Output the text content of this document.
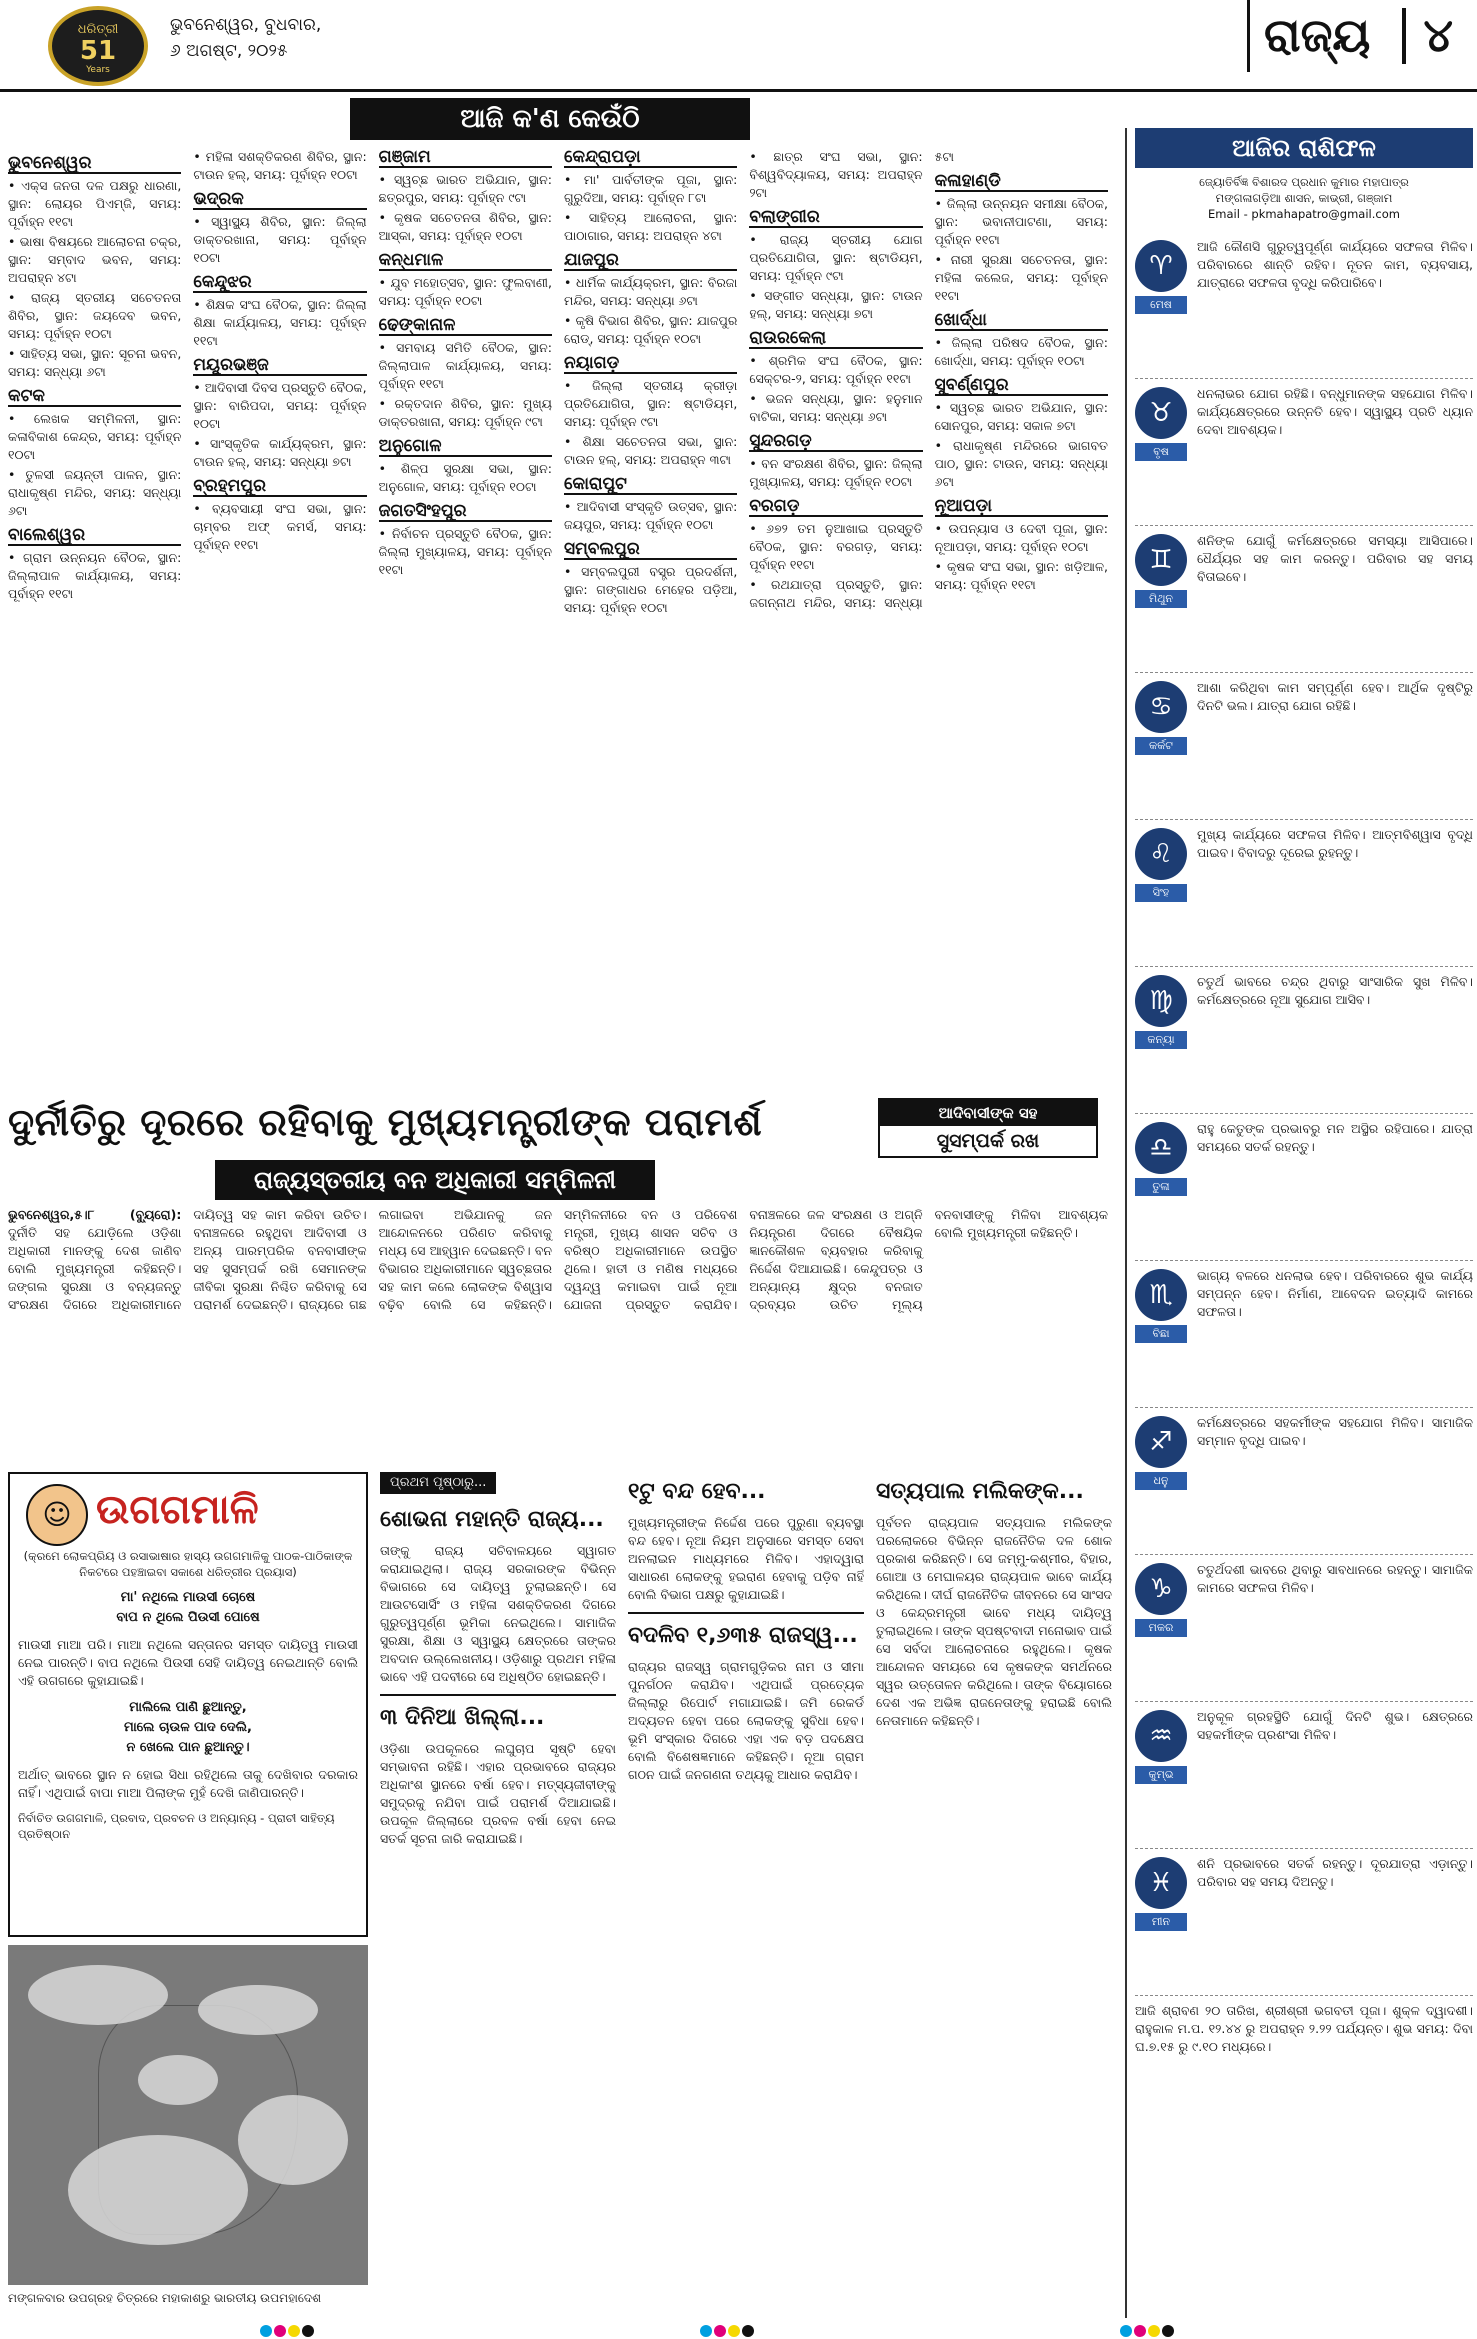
ଧରିତ୍ରୀ
51
Years
ଭୁବନେଶ୍ୱର, ବୁଧବାର,
୬ ଅଗଷ୍ଟ, ୨୦୨୫	ରାଜ୍ୟ	୪
ଆଜି କ'ଣ କେଉଁଠି
ଭୁବନେଶ୍ୱର
• ଏକ୍ସ ଜନତା ଦଳ ପକ୍ଷରୁ ଧାରଣା, ସ୍ଥାନ: ଲୋୟର ପିଏମ୍‌ଜି, ସମୟ: ପୂର୍ବାହ୍ନ ୧୧ଟା
• ଭାଷା ବିଷୟରେ ଆଲୋଚନା ଚକ୍ର, ସ୍ଥାନ: ସମ୍ବାଦ ଭବନ, ସମୟ: ଅପରାହ୍ନ ୪ଟା
• ରାଜ୍ୟ ସ୍ତରୀୟ ସଚେତନତା ଶିବିର, ସ୍ଥାନ: ଜୟଦେବ ଭବନ, ସମୟ: ପୂର୍ବାହ୍ନ ୧୦ଟା
• ସାହିତ୍ୟ ସଭା, ସ୍ଥାନ: ସୂଚନା ଭବନ, ସମୟ: ସନ୍ଧ୍ୟା ୬ଟା
କଟକ
• ଲେଖକ ସମ୍ମିଳନୀ, ସ୍ଥାନ: କଳାବିକାଶ କେନ୍ଦ୍ର, ସମୟ: ପୂର୍ବାହ୍ନ ୧୦ଟା
• ତୁଳସୀ ଜୟନ୍ତୀ ପାଳନ, ସ୍ଥାନ: ରାଧାକୃଷ୍ଣ ମନ୍ଦିର, ସମୟ: ସନ୍ଧ୍ୟା ୬ଟା
ବାଲେଶ୍ୱର
• ଗ୍ରାମ ଉନ୍ନୟନ ବୈଠକ, ସ୍ଥାନ: ଜିଲ୍ଲାପାଳ କାର୍ଯ୍ୟାଳୟ, ସମୟ: ପୂର୍ବାହ୍ନ ୧୧ଟା
• ମହିଳା ସଶକ୍ତିକରଣ ଶିବିର, ସ୍ଥାନ: ଟାଉନ ହଲ୍, ସମୟ: ପୂର୍ବାହ୍ନ ୧୦ଟା
ଭଦ୍ରକ
• ସ୍ୱାସ୍ଥ୍ୟ ଶିବିର, ସ୍ଥାନ: ଜିଲ୍ଲା ଡାକ୍ତରଖାନା, ସମୟ: ପୂର୍ବାହ୍ନ ୧୦ଟା
କେନ୍ଦୁଝର
• ଶିକ୍ଷକ ସଂଘ ବୈଠକ, ସ୍ଥାନ: ଜିଲ୍ଲା ଶିକ୍ଷା କାର୍ଯ୍ୟାଳୟ, ସମୟ: ପୂର୍ବାହ୍ନ ୧୧ଟା
ମୟୂରଭଞ୍ଜ
• ଆଦିବାସୀ ଦିବସ ପ୍ରସ୍ତୁତି ବୈଠକ, ସ୍ଥାନ: ବାରିପଦା, ସମୟ: ପୂର୍ବାହ୍ନ ୧୦ଟା
• ସାଂସ୍କୃତିକ କାର୍ଯ୍ୟକ୍ରମ, ସ୍ଥାନ: ଟାଉନ ହଲ୍, ସମୟ: ସନ୍ଧ୍ୟା ୭ଟା
ବ୍ରହ୍ମପୁର
• ବ୍ୟବସାୟୀ ସଂଘ ସଭା, ସ୍ଥାନ: ଚାମ୍ବର ଅଫ୍ କମର୍ସ, ସମୟ: ପୂର୍ବାହ୍ନ ୧୧ଟା
ଗଞ୍ଜାମ
• ସ୍ୱଚ୍ଛ ଭାରତ ଅଭିଯାନ, ସ୍ଥାନ: ଛତ୍ରପୁର, ସମୟ: ପୂର୍ବାହ୍ନ ୯ଟା
• କୃଷକ ସଚେତନତା ଶିବିର, ସ୍ଥାନ: ଆସ୍କା, ସମୟ: ପୂର୍ବାହ୍ନ ୧୦ଟା
କନ୍ଧମାଳ
• ଯୁବ ମହୋତ୍ସବ, ସ୍ଥାନ: ଫୁଲବାଣୀ, ସମୟ: ପୂର୍ବାହ୍ନ ୧୦ଟା
ଢେଙ୍କାନାଳ
• ସମବାୟ ସମିତି ବୈଠକ, ସ୍ଥାନ: ଜିଲ୍ଲାପାଳ କାର୍ଯ୍ୟାଳୟ, ସମୟ: ପୂର୍ବାହ୍ନ ୧୧ଟା
• ରକ୍ତଦାନ ଶିବିର, ସ୍ଥାନ: ମୁଖ୍ୟ ଡାକ୍ତରଖାନା, ସମୟ: ପୂର୍ବାହ୍ନ ୯ଟା
ଅନୁଗୋଳ
• ଶିଳ୍ପ ସୁରକ୍ଷା ସଭା, ସ୍ଥାନ: ଅନୁଗୋଳ, ସମୟ: ପୂର୍ବାହ୍ନ ୧୦ଟା
ଜଗତସିଂହପୁର
• ନିର୍ବାଚନ ପ୍ରସ୍ତୁତି ବୈଠକ, ସ୍ଥାନ: ଜିଲ୍ଲା ମୁଖ୍ୟାଳୟ, ସମୟ: ପୂର୍ବାହ୍ନ ୧୧ଟା
କେନ୍ଦ୍ରାପଡ଼ା
• ମା' ପାର୍ବତୀଙ୍କ ପୂଜା, ସ୍ଥାନ: ଗୁରୁଦିଆ, ସମୟ: ପୂର୍ବାହ୍ନ ୮ଟା
• ସାହିତ୍ୟ ଆଲୋଚନା, ସ୍ଥାନ: ପାଠାଗାର, ସମୟ: ଅପରାହ୍ନ ୪ଟା
ଯାଜପୁର
• ଧାର୍ମିକ କାର୍ଯ୍ୟକ୍ରମ, ସ୍ଥାନ: ବିରଜା ମନ୍ଦିର, ସମୟ: ସନ୍ଧ୍ୟା ୬ଟା
• କୃଷି ବିଭାଗ ଶିବିର, ସ୍ଥାନ: ଯାଜପୁର ରୋଡ୍, ସମୟ: ପୂର୍ବାହ୍ନ ୧୦ଟା
ନୟାଗଡ଼
• ଜିଲ୍ଲା ସ୍ତରୀୟ କ୍ରୀଡ଼ା ପ୍ରତିଯୋଗିତା, ସ୍ଥାନ: ଷ୍ଟାଡିୟମ, ସମୟ: ପୂର୍ବାହ୍ନ ୯ଟା
• ଶିକ୍ଷା ସଚେତନତା ସଭା, ସ୍ଥାନ: ଟାଉନ ହଲ୍, ସମୟ: ଅପରାହ୍ନ ୩ଟା
କୋରାପୁଟ
• ଆଦିବାସୀ ସଂସ୍କୃତି ଉତ୍ସବ, ସ୍ଥାନ: ଜୟପୁର, ସମୟ: ପୂର୍ବାହ୍ନ ୧୦ଟା
ସମ୍ବଲପୁର
• ସମ୍ବଲପୁରୀ ବସ୍ତ୍ର ପ୍ରଦର୍ଶନୀ, ସ୍ଥାନ: ଗଙ୍ଗାଧର ମେହେର ପଡ଼ିଆ, ସମୟ: ପୂର୍ବାହ୍ନ ୧୦ଟା
• ଛାତ୍ର ସଂଘ ସଭା, ସ୍ଥାନ: ବିଶ୍ୱବିଦ୍ୟାଳୟ, ସମୟ: ଅପରାହ୍ନ ୨ଟା
ବଲାଙ୍ଗୀର
• ରାଜ୍ୟ ସ୍ତରୀୟ ଯୋଗ ପ୍ରତିଯୋଗିତା, ସ୍ଥାନ: ଷ୍ଟାଡିୟମ, ସମୟ: ପୂର୍ବାହ୍ନ ୯ଟା
• ସଙ୍ଗୀତ ସନ୍ଧ୍ୟା, ସ୍ଥାନ: ଟାଉନ ହଲ୍, ସମୟ: ସନ୍ଧ୍ୟା ୭ଟା
ରାଉରକେଲା
• ଶ୍ରମିକ ସଂଘ ବୈଠକ, ସ୍ଥାନ: ସେକ୍ଟର-୨, ସମୟ: ପୂର୍ବାହ୍ନ ୧୧ଟା
• ଭଜନ ସନ୍ଧ୍ୟା, ସ୍ଥାନ: ହନୁମାନ ବାଟିକା, ସମୟ: ସନ୍ଧ୍ୟା ୬ଟା
ସୁନ୍ଦରଗଡ଼
• ବନ ସଂରକ୍ଷଣ ଶିବିର, ସ୍ଥାନ: ଜିଲ୍ଲା ମୁଖ୍ୟାଳୟ, ସମୟ: ପୂର୍ବାହ୍ନ ୧୦ଟା
ବରଗଡ଼
• ୬୭୨ ତମ ନୁଆଖାଇ ପ୍ରସ୍ତୁତି ବୈଠକ, ସ୍ଥାନ: ବରଗଡ଼, ସମୟ: ପୂର୍ବାହ୍ନ ୧୧ଟା
• ରଥଯାତ୍ରା ପ୍ରସ୍ତୁତି, ସ୍ଥାନ: ଜଗନ୍ନାଥ ମନ୍ଦିର, ସମୟ: ସନ୍ଧ୍ୟା ୫ଟା
କଳାହାଣ୍ଡି
• ଜିଲ୍ଲା ଉନ୍ନୟନ ସମୀକ୍ଷା ବୈଠକ, ସ୍ଥାନ: ଭବାନୀପାଟଣା, ସମୟ: ପୂର୍ବାହ୍ନ ୧୧ଟା
• ନାରୀ ସୁରକ୍ଷା ସଚେତନତା, ସ୍ଥାନ: ମହିଳା କଲେଜ, ସମୟ: ପୂର୍ବାହ୍ନ ୧୧ଟା
ଖୋର୍ଦ୍ଧା
• ଜିଲ୍ଲା ପରିଷଦ ବୈଠକ, ସ୍ଥାନ: ଖୋର୍ଦ୍ଧା, ସମୟ: ପୂର୍ବାହ୍ନ ୧୦ଟା
ସୁବର୍ଣ୍ଣପୁର
• ସ୍ୱଚ୍ଛ ଭାରତ ଅଭିଯାନ, ସ୍ଥାନ: ସୋନପୁର, ସମୟ: ସକାଳ ୭ଟା
• ରାଧାକୃଷ୍ଣ ମନ୍ଦିରରେ ଭାଗବତ ପାଠ, ସ୍ଥାନ: ଟାଉନ, ସମୟ: ସନ୍ଧ୍ୟା ୬ଟା
ନୂଆପଡ଼ା
• ଉପନ୍ୟାସ ଓ ଦେବୀ ପୂଜା, ସ୍ଥାନ: ନୂଆପଡ଼ା, ସମୟ: ପୂର୍ବାହ୍ନ ୧୦ଟା
• କୃଷକ ସଂଘ ସଭା, ସ୍ଥାନ: ଖଡ଼ିଆଳ, ସମୟ: ପୂର୍ବାହ୍ନ ୧୧ଟା
ଆଜିର ରାଶିଫଳ
ଜ୍ୟୋତିର୍ବିଜ୍ଞ ବିଶାରଦ ପ୍ରଧାନ କୁମାର ମହାପାତ୍ର
ମଙ୍ଗଳାଗଡ଼ିଆ ଶାସନ, କାଭ୍ରୀ, ଗଞ୍ଜାମ
Email - pkmahapatro@gmail.com
♈
ମେଷ
ଆଜି କୌଣସି ଗୁରୁତ୍ୱପୂର୍ଣ୍ଣ କାର୍ଯ୍ୟରେ ସଫଳତା ମିଳିବ। ପରିବାରରେ ଶାନ୍ତି ରହିବ। ନୂତନ କାମ, ବ୍ୟବସାୟ, ଯାତ୍ରାରେ ସଫଳତା ବୃଦ୍ଧି କରିପାରିବେ।
♉
ବୃଷ
ଧନଲାଭର ଯୋଗ ରହିଛି। ବନ୍ଧୁମାନଙ୍କ ସହଯୋଗ ମିଳିବ। କାର୍ଯ୍ୟକ୍ଷେତ୍ରରେ ଉନ୍ନତି ହେବ। ସ୍ୱାସ୍ଥ୍ୟ ପ୍ରତି ଧ୍ୟାନ ଦେବା ଆବଶ୍ୟକ।
♊
ମିଥୁନ
ଶନିଙ୍କ ଯୋଗୁଁ କର୍ମକ୍ଷେତ୍ରରେ ସମସ୍ୟା ଆସିପାରେ। ଧୈର୍ଯ୍ୟର ସହ କାମ କରନ୍ତୁ। ପରିବାର ସହ ସମୟ ବିତାଇବେ।
♋
କର୍କଟ
ଆଶା କରିଥିବା କାମ ସମ୍ପୂର୍ଣ୍ଣ ହେବ। ଆର୍ଥିକ ଦୃଷ୍ଟିରୁ ଦିନଟି ଭଲ। ଯାତ୍ରା ଯୋଗ ରହିଛି।
♌
ସିଂହ
ମୁଖ୍ୟ କାର୍ଯ୍ୟରେ ସଫଳତା ମିଳିବ। ଆତ୍ମବିଶ୍ୱାସ ବୃଦ୍ଧି ପାଇବ। ବିବାଦରୁ ଦୂରେଇ ରୁହନ୍ତୁ।
♍
କନ୍ୟା
ଚତୁର୍ଥ ଭାବରେ ଚନ୍ଦ୍ର ଥିବାରୁ ସାଂସାରିକ ସୁଖ ମିଳିବ। କର୍ମକ୍ଷେତ୍ରରେ ନୂଆ ସୁଯୋଗ ଆସିବ।
♎
ତୁଳା
ରାହୁ କେତୁଙ୍କ ପ୍ରଭାବରୁ ମନ ଅସ୍ଥିର ରହିପାରେ। ଯାତ୍ରା ସମୟରେ ସତର୍କ ରହନ୍ତୁ।
♏
ବିଛା
ଭାଗ୍ୟ ବଳରେ ଧନଲାଭ ହେବ। ପରିବାରରେ ଶୁଭ କାର୍ଯ୍ୟ ସମ୍ପନ୍ନ ହେବ। ନିର୍ମାଣ, ଆବେଦନ ଇତ୍ୟାଦି କାମରେ ସଫଳତା।
♐
ଧନୁ
କର୍ମକ୍ଷେତ୍ରରେ ସହକର୍ମୀଙ୍କ ସହଯୋଗ ମିଳିବ। ସାମାଜିକ ସମ୍ମାନ ବୃଦ୍ଧି ପାଇବ।
♑
ମକର
ଚତୁର୍ଥଦଶୀ ଭାବରେ ଥିବାରୁ ସାବଧାନରେ ରହନ୍ତୁ। ସାମାଜିକ କାମରେ ସଫଳତା ମିଳିବ।
♒
କୁମ୍ଭ
ଅନୁକୂଳ ଗ୍ରହସ୍ଥିତି ଯୋଗୁଁ ଦିନଟି ଶୁଭ। କ୍ଷେତ୍ରରେ ସହକର୍ମୀଙ୍କ ପ୍ରଶଂସା ମିଳିବ।
♓
ମୀନ
ଶନି ପ୍ରଭାବରେ ସତର୍କ ରହନ୍ତୁ। ଦୂରଯାତ୍ରା ଏଡ଼ାନ୍ତୁ। ପରିବାର ସହ ସମୟ ଦିଅନ୍ତୁ।
ଆଜି ଶ୍ରାବଣ ୨୦ ତାରିଖ, ଶ୍ରୀଶ୍ରୀ ଭଗବତୀ ପୂଜା। ଶୁକ୍ଳ ଦ୍ୱାଦଶୀ। ରାହୁକାଳ ମ.ପ. ୧୨.୪୪ ରୁ ଅପରାହ୍ନ ୨.୨୨ ପର୍ଯ୍ୟନ୍ତ। ଶୁଭ ସମୟ: ଦିବା ଘ.୭.୧୫ ରୁ ୯.୧୦ ମଧ୍ୟରେ।
ଦୁର୍ନୀତିରୁ ଦୂରରେ ରହିବାକୁ ମୁଖ୍ୟମନ୍ତ୍ରୀଙ୍କ ପରାମର୍ଶ	ଆଦିବାସୀଙ୍କ ସହ
ସୁସମ୍ପର୍କ ରଖ
ରାଜ୍ୟସ୍ତରୀୟ ବନ ଅଧିକାରୀ ସମ୍ମିଳନୀ
ଭୁବନେଶ୍ୱର,୫।୮ (ବ୍ୟୁରୋ): ଦୁର୍ନୀତି ସହ ଯୋଡ଼ିଲେ ଓଡ଼ିଶା ଅଧିକାରୀ ମାନଙ୍କୁ ଦେଶ ଜାଣିବ ବୋଲି ମୁଖ୍ୟମନ୍ତ୍ରୀ କହିଛନ୍ତି। ଜଙ୍ଗଲ ସୁରକ୍ଷା ଓ ବନ୍ୟଜନ୍ତୁ ସଂରକ୍ଷଣ ଦିଗରେ ଅଧିକାରୀମାନେ ଦାୟିତ୍ୱ ସହ କାମ କରିବା ଉଚିତ। ବନାଞ୍ଚଳରେ ରହୁଥିବା ଆଦିବାସୀ ଓ ଅନ୍ୟ ପାରମ୍ପରିକ ବନବାସୀଙ୍କ ସହ ସୁସମ୍ପର୍କ ରଖି ସେମାନଙ୍କ ଜୀବିକା ସୁରକ୍ଷା ନିଶ୍ଚିତ କରିବାକୁ ସେ ପରାମର୍ଶ ଦେଇଛନ୍ତି। ରାଜ୍ୟରେ ଗଛ ଲଗାଇବା ଅଭିଯାନକୁ ଜନ ଆନ୍ଦୋଳନରେ ପରିଣତ କରିବାକୁ ମଧ୍ୟ ସେ ଆହ୍ୱାନ ଦେଇଛନ୍ତି। ବନ ବିଭାଗର ଅଧିକାରୀମାନେ ସ୍ୱଚ୍ଛତାର ସହ କାମ କଲେ ଲୋକଙ୍କ ବିଶ୍ୱାସ ବଢ଼ିବ ବୋଲି ସେ କହିଛନ୍ତି। ସମ୍ମିଳନୀରେ ବନ ଓ ପରିବେଶ ମନ୍ତ୍ରୀ, ମୁଖ୍ୟ ଶାସନ ସଚିବ ଓ ବରିଷ୍ଠ ଅଧିକାରୀମାନେ ଉପସ୍ଥିତ ଥିଲେ। ହାତୀ ଓ ମଣିଷ ମଧ୍ୟରେ ଦ୍ୱନ୍ଦ୍ୱ କମାଇବା ପାଇଁ ନୂଆ ଯୋଜନା ପ୍ରସ୍ତୁତ କରାଯିବ। ବନାଞ୍ଚଳରେ ଜଳ ସଂରକ୍ଷଣ ଓ ଅଗ୍ନି ନିୟନ୍ତ୍ରଣ ଦିଗରେ ବୈଷୟିକ ଜ୍ଞାନକୌଶଳ ବ୍ୟବହାର କରିବାକୁ ନିର୍ଦ୍ଦେଶ ଦିଆଯାଇଛି। କେନ୍ଦୁପତ୍ର ଓ ଅନ୍ୟାନ୍ୟ କ୍ଷୁଦ୍ର ବନଜାତ ଦ୍ରବ୍ୟର ଉଚିତ ମୂଲ୍ୟ ବନବାସୀଙ୍କୁ ମିଳିବା ଆବଶ୍ୟକ ବୋଲି ମୁଖ୍ୟମନ୍ତ୍ରୀ କହିଛନ୍ତି।
☺ ଉଗଗମାଳି
(କ୍ରମେ ଲୋକପ୍ରିୟ ଓ ରସାଭାଷାର ହାସ୍ୟ ଉଗଗମାଳିକୁ ପାଠକ-ପାଠିକାଙ୍କ ନିକଟରେ ପହଞ୍ଚାଇବା ସକାଶେ ଧରିତ୍ରୀର ପ୍ରୟାସ)
ମା' ନଥିଲେ ମାଉସୀ ଚୋଷେ
ବାପ ନ ଥିଲେ ପିଉସୀ ପୋଷେ
ମାଉସୀ ମାଆ ପରି। ମାଆ ନଥିଲେ ସନ୍ତାନର ସମସ୍ତ ଦାୟିତ୍ୱ ମାଉସୀ ନେଇ ପାରନ୍ତି। ବାପ ନଥିଲେ ପିଉସୀ ସେହି ଦାୟିତ୍ୱ ନେଇଥାନ୍ତି ବୋଲି ଏହି ଉଗଗରେ କୁହାଯାଇଛି।
ମାଲିଲେ ପାଣି ଛୁଆନ୍ତୁ,
ମାଲେ ଚାଉଳ ପାଦ ଦେଲି,
ନ ଖେଲେ ପାନ ଛୁଆନ୍ତୁ।
ଅର୍ଥାତ୍ ଭାବରେ ସ୍ଥାନ ନ ହୋଇ ସିଧା ରହିଥିଲେ ତାକୁ ଦେଖିବାର ଦରକାର ନାହିଁ। ଏଥିପାଇଁ ବାପା ମାଆ ପିଲାଙ୍କ ମୁହଁ ଦେଖି ଜାଣିପାରନ୍ତି।
ନିର୍ବାଚିତ ଉଗଗମାଳି, ପ୍ରବାଦ, ପ୍ରବଚନ ଓ ଅନ୍ୟାନ୍ୟ - ପ୍ରାଚୀ ସାହିତ୍ୟ ପ୍ରତିଷ୍ଠାନ
ମଙ୍ଗଳବାର ଉପଗ୍ରହ ଚିତ୍ରରେ ମହାକାଶରୁ ଭାରତୀୟ ଉପମହାଦେଶ
ପ୍ରଥମ ପୃଷ୍ଠାରୁ...
ଶୋଭନା ମହାନ୍ତି ରାଜ୍ୟ...
ତାଙ୍କୁ ରାଜ୍ୟ ସଚିବାଳୟରେ ସ୍ୱାଗତ କରାଯାଇଥିଲା। ରାଜ୍ୟ ସରକାରଙ୍କ ବିଭିନ୍ନ ବିଭାଗରେ ସେ ଦାୟିତ୍ୱ ତୁଲାଇଛନ୍ତି। ସେ ଆଉଟସୋର୍ସିଂ ଓ ମହିଳା ସଶକ୍ତିକରଣ ଦିଗରେ ଗୁରୁତ୍ୱପୂର୍ଣ୍ଣ ଭୂମିକା ନେଇଥିଲେ। ସାମାଜିକ ସୁରକ୍ଷା, ଶିକ୍ଷା ଓ ସ୍ୱାସ୍ଥ୍ୟ କ୍ଷେତ୍ରରେ ତାଙ୍କର ଅବଦାନ ଉଲ୍ଲେଖନୀୟ। ଓଡ଼ିଶାରୁ ପ୍ରଥମ ମହିଳା ଭାବେ ଏହି ପଦବୀରେ ସେ ଅଧିଷ୍ଠିତ ହୋଇଛନ୍ତି।
୩ ଦିନିଆ ଖିଲ୍ଲା...
ଓଡ଼ିଶା ଉପକୂଳରେ ଲଘୁଚାପ ସୃଷ୍ଟି ହେବା ସମ୍ଭାବନା ରହିଛି। ଏହାର ପ୍ରଭାବରେ ରାଜ୍ୟର ଅଧିକାଂଶ ସ୍ଥାନରେ ବର୍ଷା ହେବ। ମତ୍ସ୍ୟଜୀବୀଙ୍କୁ ସମୁଦ୍ରକୁ ନଯିବା ପାଇଁ ପରାମର୍ଶ ଦିଆଯାଇଛି। ଉପକୂଳ ଜିଲ୍ଲାରେ ପ୍ରବଳ ବର୍ଷା ହେବା ନେଇ ସତର୍କ ସୂଚନା ଜାରି କରାଯାଇଛି।
୧ଟୁ ବନ୍ଦ ହେବ...
ମୁଖ୍ୟମନ୍ତ୍ରୀଙ୍କ ନିର୍ଦ୍ଦେଶ ପରେ ପୁରୁଣା ବ୍ୟବସ୍ଥା ବନ୍ଦ ହେବ। ନୂଆ ନିୟମ ଅନୁସାରେ ସମସ୍ତ ସେବା ଅନଲାଇନ ମାଧ୍ୟମରେ ମିଳିବ। ଏହାଦ୍ୱାରା ସାଧାରଣ ଲୋକଙ୍କୁ ହଇରାଣ ହେବାକୁ ପଡ଼ିବ ନାହିଁ ବୋଲି ବିଭାଗ ପକ୍ଷରୁ କୁହାଯାଇଛି।
ବଦଳିବ ୧,୬୩୫ ରାଜସ୍ୱ...
ରାଜ୍ୟର ରାଜସ୍ୱ ଗ୍ରାମଗୁଡ଼ିକର ନାମ ଓ ସୀମା ପୁନର୍ଗଠନ କରାଯିବ। ଏଥିପାଇଁ ପ୍ରତ୍ୟେକ ଜିଲ୍ଲାରୁ ରିପୋର୍ଟ ମଗାଯାଇଛି। ଜମି ରେକର୍ଡ ଅଦ୍ୟତନ ହେବା ପରେ ଲୋକଙ୍କୁ ସୁବିଧା ହେବ। ଭୂମି ସଂସ୍କାର ଦିଗରେ ଏହା ଏକ ବଡ଼ ପଦକ୍ଷେପ ବୋଲି ବିଶେଷଜ୍ଞମାନେ କହିଛନ୍ତି। ନୂଆ ଗ୍ରାମ ଗଠନ ପାଇଁ ଜନଗଣନା ତଥ୍ୟକୁ ଆଧାର କରାଯିବ।
ସତ୍ୟପାଲ ମଲିକଙ୍କ...
ପୂର୍ବତନ ରାଜ୍ୟପାଳ ସତ୍ୟପାଲ ମଲିକଙ୍କ ପରଲୋକରେ ବିଭିନ୍ନ ରାଜନୈତିକ ଦଳ ଶୋକ ପ୍ରକାଶ କରିଛନ୍ତି। ସେ ଜମ୍ମୁ-କଶ୍ମୀର, ବିହାର, ଗୋଆ ଓ ମେଘାଳୟର ରାଜ୍ୟପାଳ ଭାବେ କାର୍ଯ୍ୟ କରିଥିଲେ। ଦୀର୍ଘ ରାଜନୈତିକ ଜୀବନରେ ସେ ସାଂସଦ ଓ କେନ୍ଦ୍ରମନ୍ତ୍ରୀ ଭାବେ ମଧ୍ୟ ଦାୟିତ୍ୱ ତୁଲାଇଥିଲେ। ତାଙ୍କ ସ୍ପଷ୍ଟବାଦୀ ମନୋଭାବ ପାଇଁ ସେ ସର୍ବଦା ଆଲୋଚନାରେ ରହୁଥିଲେ। କୃଷକ ଆନ୍ଦୋଳନ ସମୟରେ ସେ କୃଷକଙ୍କ ସମର୍ଥନରେ ସ୍ୱର ଉତ୍ତୋଳନ କରିଥିଲେ। ତାଙ୍କ ବିୟୋଗରେ ଦେଶ ଏକ ଅଭିଜ୍ଞ ରାଜନେତାଙ୍କୁ ହରାଇଛି ବୋଲି ନେତାମାନେ କହିଛନ୍ତି।
